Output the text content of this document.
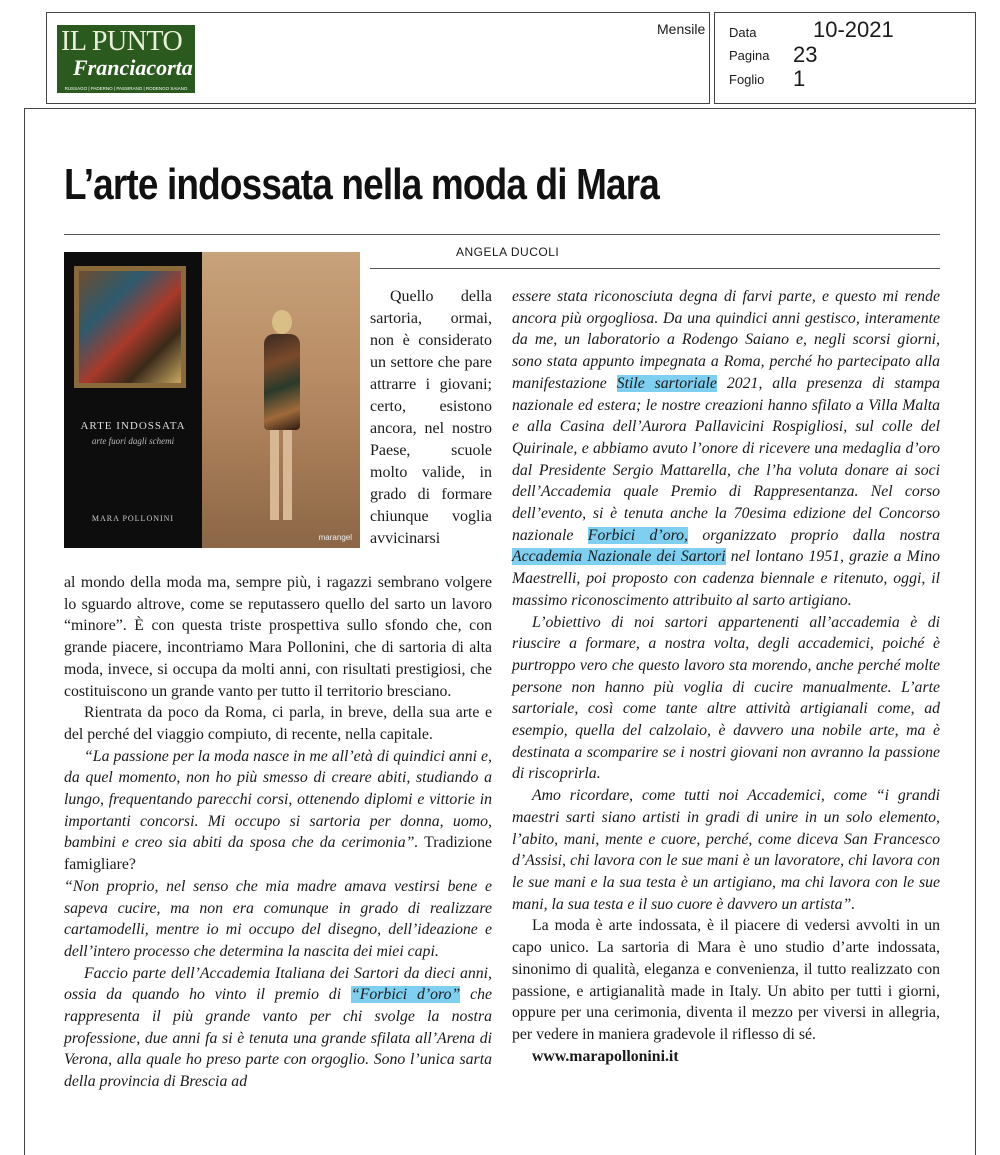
IL PUNTO
Franciacorta
RUSSAGO | PADERNO | PASSIRANO | RODENGO SAIANO
Mensile Data	10-2021
Pagina 23
Foglio 1
L’arte indossata nella moda di Mara
ANGELA DUCOLI
ARTE INDOSSATA
arte fuori dagli schemi
MARA POLLONINI
marangel

Quello della sartoria, ormai, non è considerato un settore che pare attrarre i giovani; certo, esistono ancora, nel nostro Paese, scuole molto valide, in grado di formare chiunque voglia avvicinarsi

al mondo della moda ma, sempre più, i ragazzi sembrano volgere lo sguardo altrove, come se reputassero quello del sarto un lavoro “minore”. È con questa triste prospettiva sullo sfondo che, con grande piacere, incontriamo Mara Pollonini, che di sartoria di alta moda, invece, si occupa da molti anni, con risultati prestigiosi, che costituiscono un grande vanto per tutto il territorio bresciano.

Rientrata da poco da Roma, ci parla, in breve, della sua arte e del perché del viaggio compiuto, di recente, nella capitale.

“La passione per la moda nasce in me all’età di quindici anni e, da quel momento, non ho più smesso di creare abiti, studiando a lungo, frequentando parecchi corsi, ottenendo diplomi e vittorie in importanti concorsi. Mi occupo si sartoria per donna, uomo, bambini e creo sia abiti da sposa che da cerimonia”. Tradizione famigliare?

“Non proprio, nel senso che mia madre amava vestirsi bene e sapeva cucire, ma non era comunque in grado di realizzare cartamodelli, mentre io mi occupo del disegno, dell’ideazione e dell’intero processo che determina la nascita dei miei capi.

Faccio parte dell’Accademia Italiana dei Sartori da dieci anni, ossia da quando ho vinto il premio di “Forbici d’oro” che rappresenta il più grande vanto per chi svolge la nostra professione, due anni fa si è tenuta una grande sfilata all’Arena di Verona, alla quale ho preso parte con orgoglio. Sono l’unica sarta della provincia di Brescia ad

essere stata riconosciuta degna di farvi parte, e questo mi rende ancora più orgogliosa. Da una quindici anni gestisco, interamente da me, un laboratorio a Rodengo Saiano e, negli scorsi giorni, sono stata appunto impegnata a Roma, perché ho partecipato alla manifestazione Stile sartoriale 2021, alla presenza di stampa nazionale ed estera; le nostre creazioni hanno sfilato a Villa Malta e alla Casina dell’Aurora Pallavicini Rospigliosi, sul colle del Quirinale, e abbiamo avuto l’onore di ricevere una medaglia d’oro dal Presidente Sergio Mattarella, che l’ha voluta donare ai soci dell’Accademia quale Premio di Rappresentanza. Nel corso dell’evento, si è tenuta anche la 70esima edizione del Concorso nazionale Forbici d’oro, organizzato proprio dalla nostra Accademia Nazionale dei Sartori nel lontano 1951, grazie a Mino Maestrelli, poi proposto con cadenza biennale e ritenuto, oggi, il massimo riconoscimento attribuito al sarto artigiano.

L’obiettivo di noi sartori appartenenti all’accademia è di riuscire a formare, a nostra volta, degli accademici, poiché è purtroppo vero che questo lavoro sta morendo, anche perché molte persone non hanno più voglia di cucire manualmente. L’arte sartoriale, così come tante altre attività artigianali come, ad esempio, quella del calzolaio, è davvero una nobile arte, ma è destinata a scomparire se i nostri giovani non avranno la passione di riscoprirla.

Amo ricordare, come tutti noi Accademici, come “i grandi maestri sarti siano artisti in gradi di unire in un solo elemento, l’abito, mani, mente e cuore, perché, come diceva San Francesco d’Assisi, chi lavora con le sue mani è un lavoratore, chi lavora con le sue mani e la sua testa è un artigiano, ma chi lavora con le sue mani, la sua testa e il suo cuore è davvero un artista”.

La moda è arte indossata, è il piacere di vedersi avvolti in un capo unico. La sartoria di Mara è uno studio d’arte indossata, sinonimo di qualità, eleganza e convenienza, il tutto realizzato con passione, e artigianalità made in Italy. Un abito per tutti i giorni, oppure per una cerimonia, diventa il mezzo per viversi in allegria, per vedere in maniera gradevole il riflesso di sé.

www.marapollonini.it
